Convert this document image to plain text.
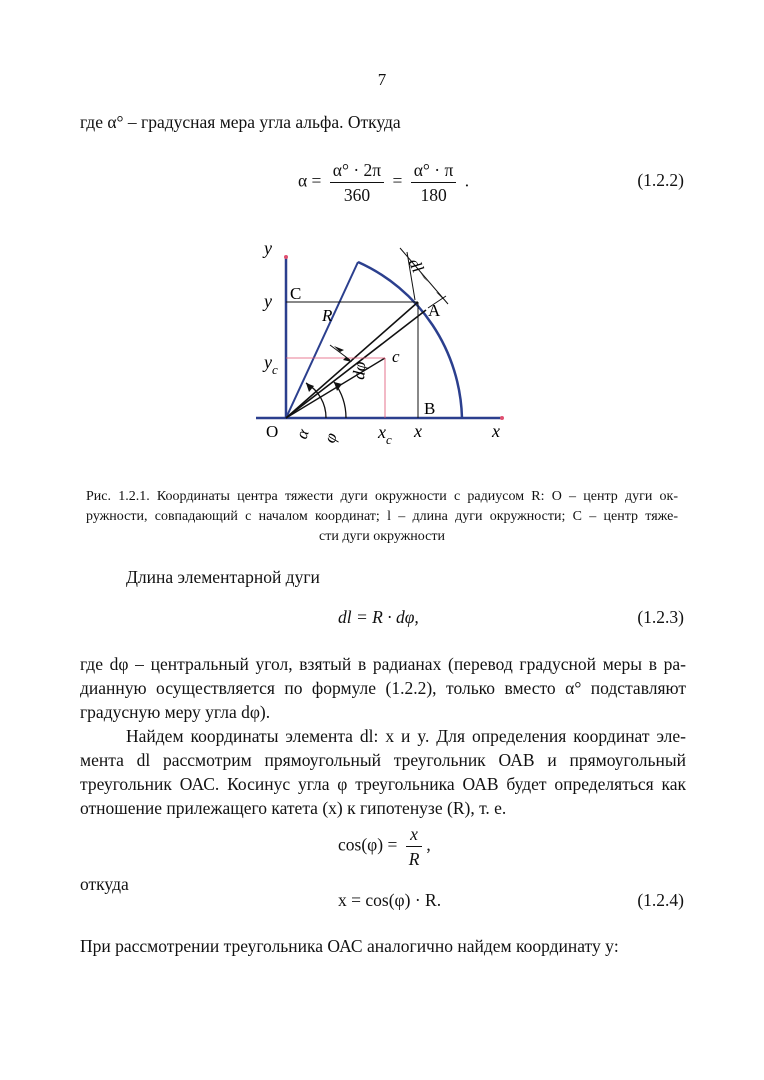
7
где α° – градусная мера угла альфа. Откуда
$\alpha = \frac{\alpha^\circ \cdot 2\pi}{360} = \frac{\alpha^\circ \cdot \pi}{180}$ .	(1.2.2)
y
y C
R
$y_c$
c
dφ
dl
A
B
O α φ $x_c$ x	x
Рис. 1.2.1. Координаты центра тяжести дуги окружности с радиусом R: О – центр дуги ок-
ружности, совпадающий с началом координат; l – длина дуги окружности; C – центр тяже-
сти дуги окружности
Длина элементарной дуги
dl = R · dφ,	(1.2.3)
где dφ – центральный угол, взятый в радианах (перевод градусной меры в ра-
дианную осуществляется по формуле (1.2.2), только вместо α° подставляют
градусную меру угла dφ).
Найдем координаты элемента dl: x и y. Для определения координат эле-
мента dl рассмотрим прямоугольный треугольник ОАВ и прямоугольный
треугольник ОАС. Косинус угла φ треугольника ОАВ будет определяться как
отношение прилежащего катета (x) к гипотенузе (R), т. е.
$\cos(\varphi) = \frac{x}{R}$ ,
откуда
x = cos(φ) · R.	(1.2.4)
При рассмотрении треугольника ОАС аналогично найдем координату y:
